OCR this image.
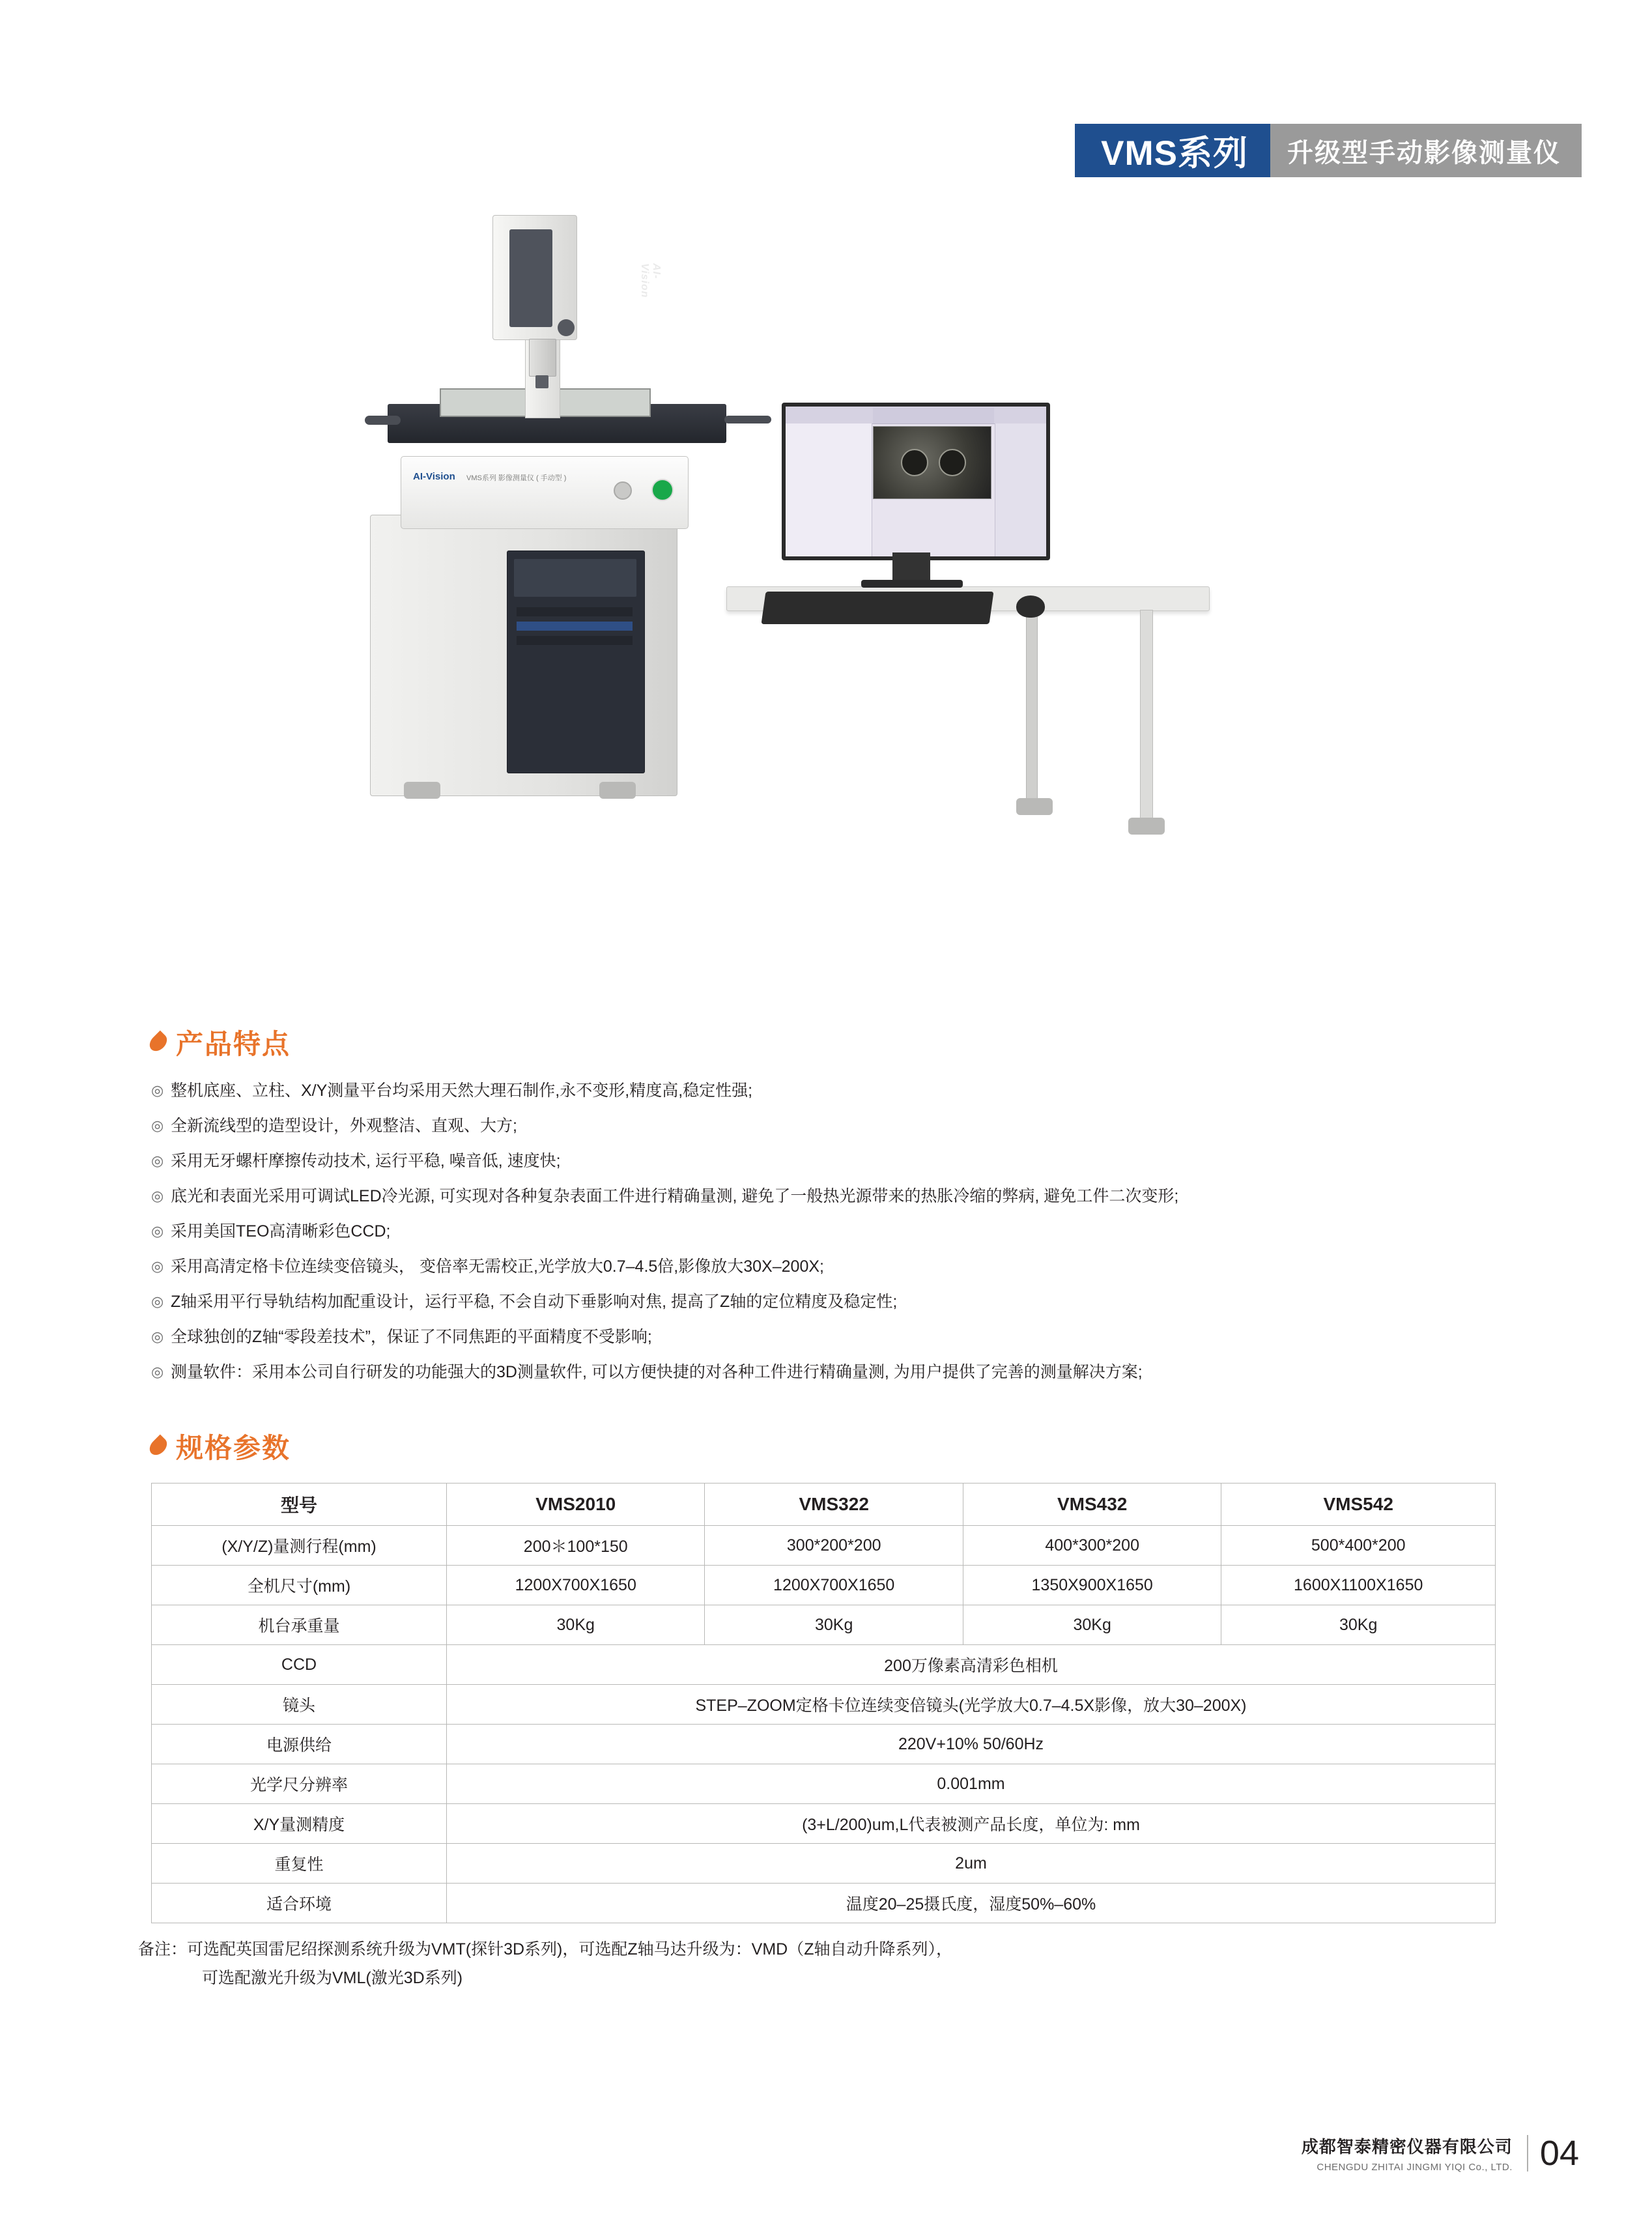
VMS系列	升级型手动影像测量仪
AI-Vision VMS系列 影像测量仪 ( 手动型 )
AI-Vision
产品特点
◎ 整机底座、立柱、X/Y测量平台均采用天然大理石制作,永不变形,精度高,稳定性强;
◎ 全新流线型的造型设计，外观整洁、直观、大方;
◎ 采用无牙螺杆摩擦传动技术, 运行平稳, 噪音低, 速度快;
◎ 底光和表面光采用可调试LED冷光源, 可实现对各种复杂表面工件进行精确量测, 避免了一般热光源带来的热胀冷缩的弊病, 避免工件二次变形;
◎ 采用美国TEO高清晰彩色CCD;
◎ 采用高清定格卡位连续变倍镜头， 变倍率无需校正,光学放大0.7–4.5倍,影像放大30X–200X;
◎ Z轴采用平行导轨结构加配重设计，运行平稳, 不会自动下垂影响对焦, 提高了Z轴的定位精度及稳定性;
◎ 全球独创的Z轴“零段差技术”，保证了不同焦距的平面精度不受影响;
◎ 测量软件：采用本公司自行研发的功能强大的3D测量软件, 可以方便快捷的对各种工件进行精确量测, 为用户提供了完善的测量解决方案;
规格参数
型号	VMS2010	VMS322	VMS432	VMS542
(X/Y/Z)量测行程(mm)	200＊100*150	300*200*200	400*300*200	500*400*200
全机尺寸(mm)	1200X700X1650	1200X700X1650	1350X900X1650	1600X1100X1650
机台承重量	30Kg	30Kg	30Kg	30Kg
CCD	200万像素高清彩色相机			
镜头	STEP–ZOOM定格卡位连续变倍镜头(光学放大0.7–4.5X影像，放大30–200X)			
电源供给	220V+10% 50/60Hz			
光学尺分辨率	0.001mm			
X/Y量测精度	(3+L/200)um,L代表被测产品长度，单位为: mm			
重复性	2um			
适合环境	温度20–25摄氏度，湿度50%–60%			
备注：可选配英国雷尼绍探测系统升级为VMT(探针3D系列)，可选配Z轴马达升级为：VMD（Z轴自动升降系列），
可选配激光升级为VML(激光3D系列)
成都智泰精密仪器有限公司
CHENGDU ZHITAI JINGMI YIQI Co., LTD. 04
